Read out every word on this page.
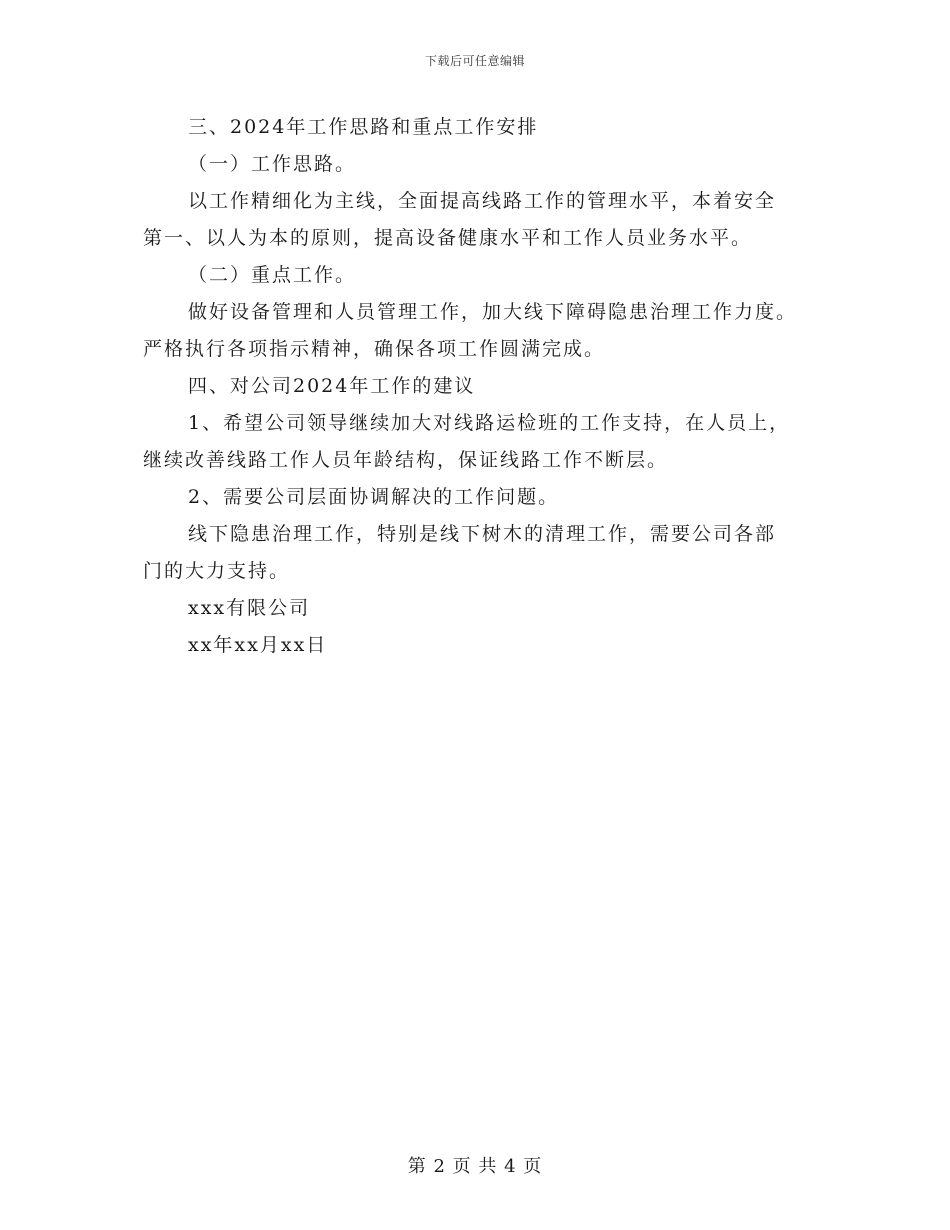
下载后可任意编辑

三、2024年工作思路和重点工作安排

（一）工作思路。

以工作精细化为主线，全面提高线路工作的管理水平，本着安全

第一、以人为本的原则，提高设备健康水平和工作人员业务水平。

（二）重点工作。

做好设备管理和人员管理工作，加大线下障碍隐患治理工作力度。

严格执行各项指示精神，确保各项工作圆满完成。

四、对公司2024年工作的建议

1、希望公司领导继续加大对线路运检班的工作支持，在人员上，

继续改善线路工作人员年龄结构，保证线路工作不断层。

2、需要公司层面协调解决的工作问题。

线下隐患治理工作，特别是线下树木的清理工作，需要公司各部

门的大力支持。

xxx有限公司

xx年xx月xx日

第 2 页 共 4 页
